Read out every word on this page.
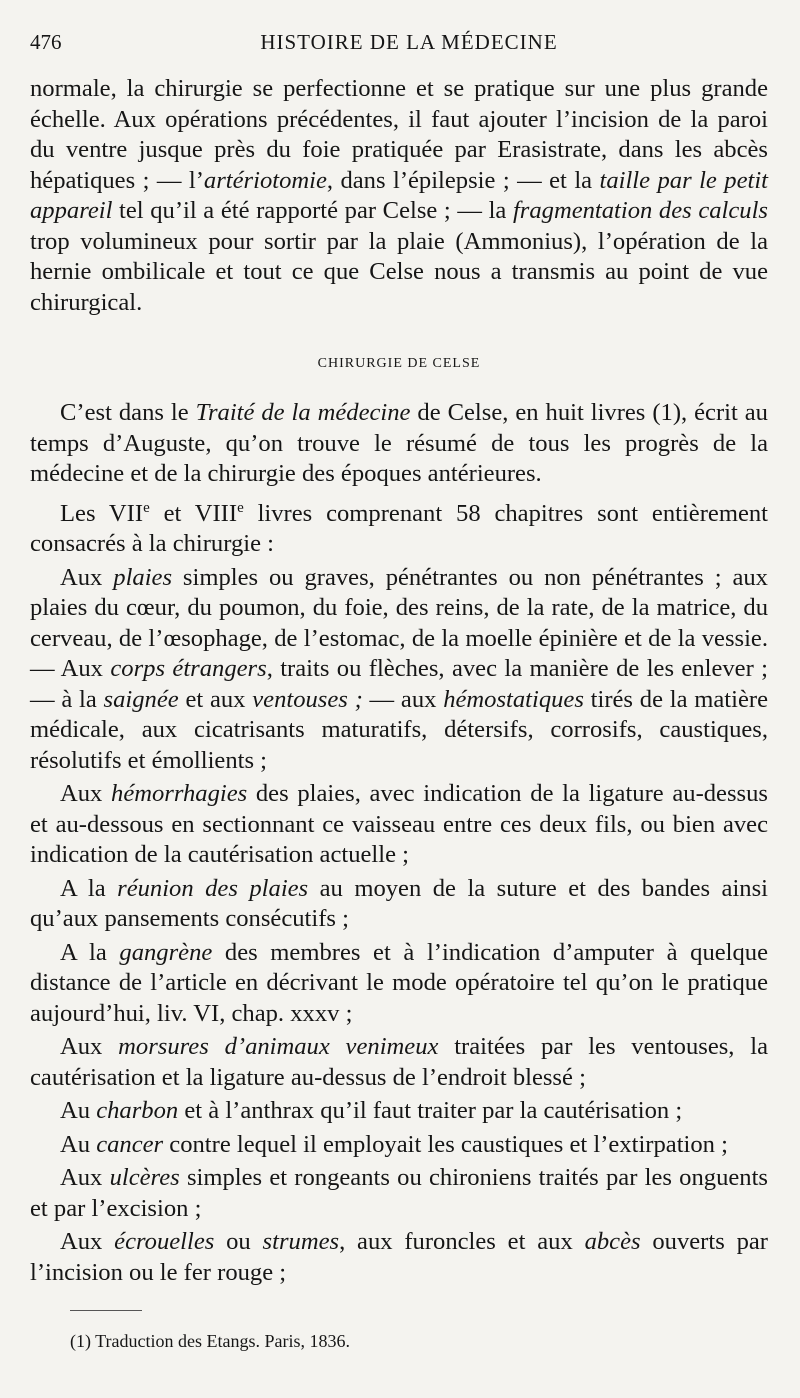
476	HISTOIRE DE LA MÉDECINE

normale, la chirurgie se perfectionne et se pratique sur une plus grande échelle. Aux opérations précédentes, il faut ajouter l’incision de la paroi du ventre jusque près du foie pratiquée par Erasistrate, dans les abcès hépatiques ; — l’artériotomie, dans l’épilepsie ; — et la taille par le petit appareil tel qu’il a été rapporté par Celse ; — la fragmentation des calculs trop volumineux pour sortir par la plaie (Ammonius), l’opération de la hernie ombilicale et tout ce que Celse nous a transmis au point de vue chirurgical.

CHIRURGIE DE CELSE

C’est dans le Traité de la médecine de Celse, en huit livres (1), écrit au temps d’Auguste, qu’on trouve le résumé de tous les progrès de la médecine et de la chirurgie des époques antérieures.

Les VIIe et VIIIe livres comprenant 58 chapitres sont entièrement consacrés à la chirurgie :

Aux plaies simples ou graves, pénétrantes ou non pénétrantes ; aux plaies du cœur, du poumon, du foie, des reins, de la rate, de la matrice, du cerveau, de l’œsophage, de l’estomac, de la moelle épinière et de la vessie. — Aux corps étrangers, traits ou flèches, avec la manière de les enlever ; — à la saignée et aux ventouses ; — aux hémostatiques tirés de la matière médicale, aux cicatrisants maturatifs, détersifs, corrosifs, caustiques, résolutifs et émollients ;

Aux hémorrhagies des plaies, avec indication de la ligature au-dessus et au-dessous en sectionnant ce vaisseau entre ces deux fils, ou bien avec indication de la cautérisation actuelle ;

A la réunion des plaies au moyen de la suture et des bandes ainsi qu’aux pansements consécutifs ;

A la gangrène des membres et à l’indication d’amputer à quelque distance de l’article en décrivant le mode opératoire tel qu’on le pratique aujourd’hui, liv. VI, chap. xxxv ;

Aux morsures d’animaux venimeux traitées par les ventouses, la cautérisation et la ligature au-dessus de l’endroit blessé ;

Au charbon et à l’anthrax qu’il faut traiter par la cautérisation ;

Au cancer contre lequel il employait les caustiques et l’extirpation ;

Aux ulcères simples et rongeants ou chironiens traités par les onguents et par l’excision ;

Aux écrouelles ou strumes, aux furoncles et aux abcès ouverts par l’incision ou le fer rouge ;

(1) Traduction des Etangs. Paris, 1836.
